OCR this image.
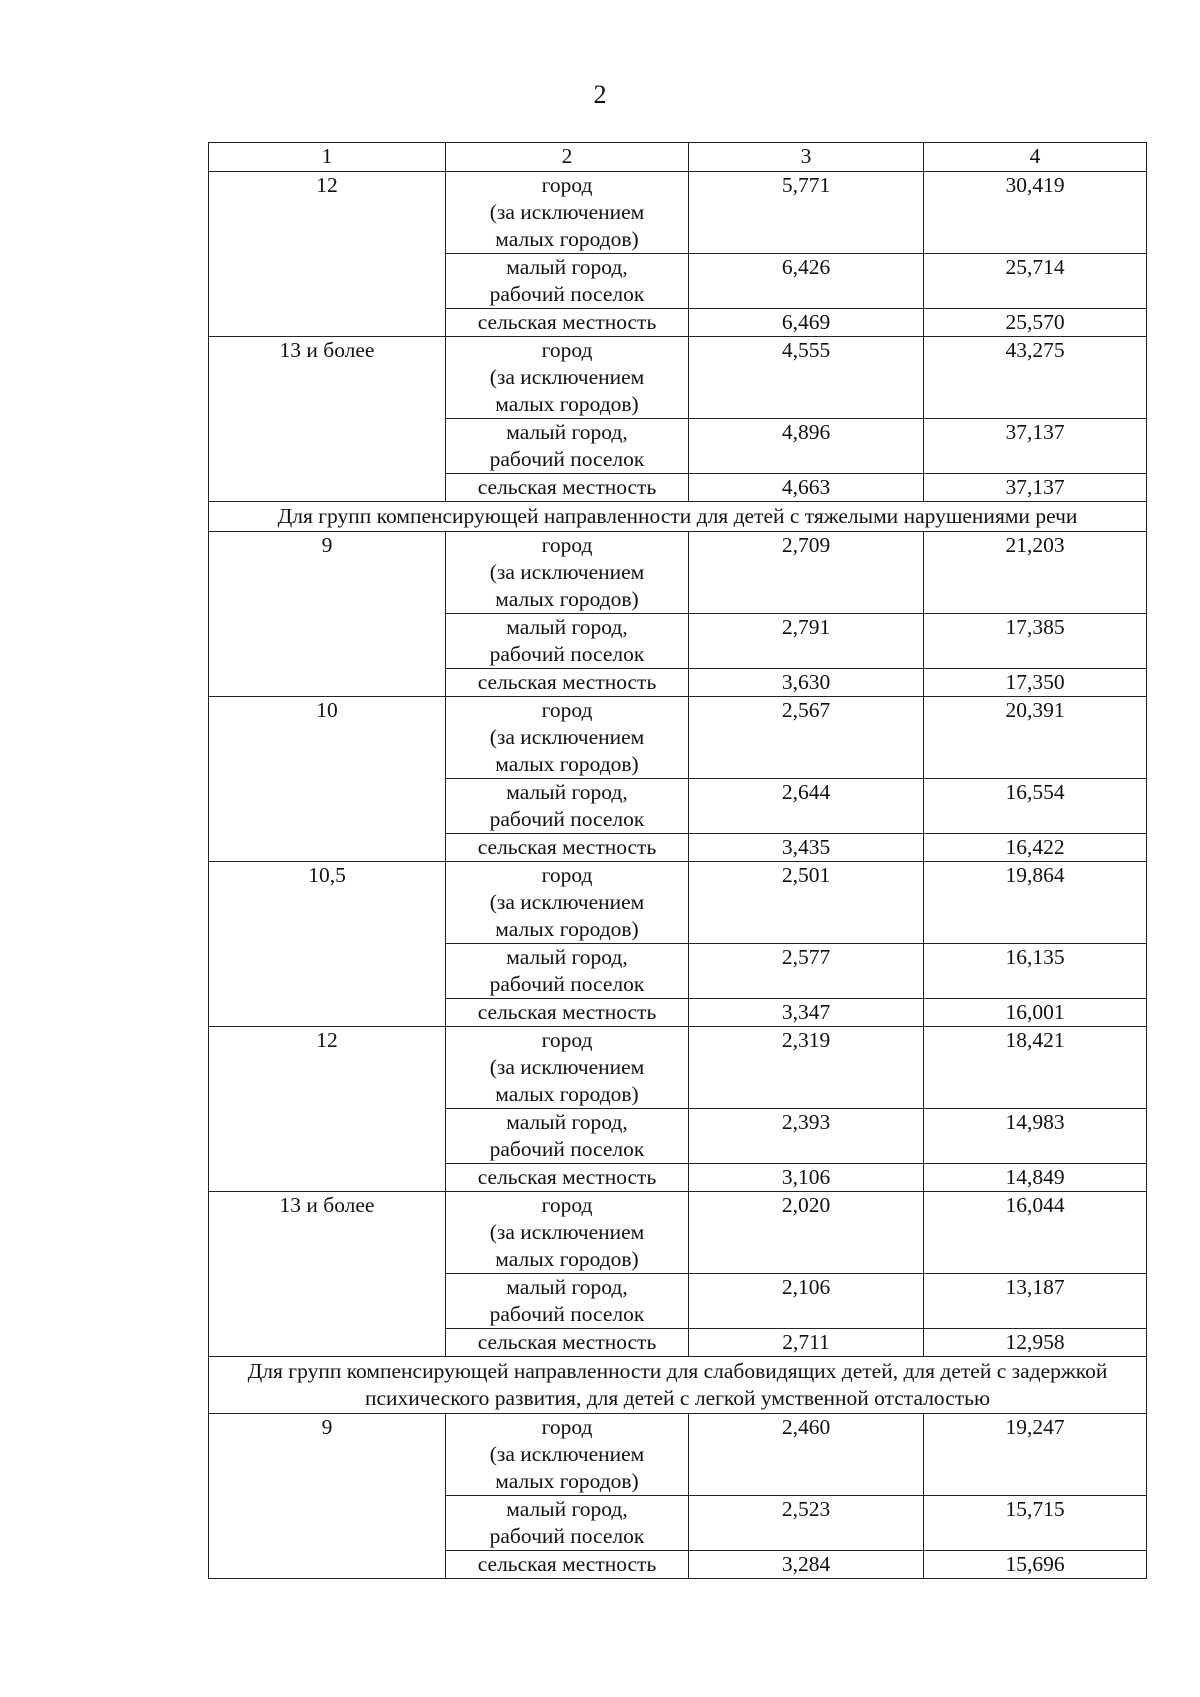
2
1	2	3	4
12	город
(за исключением
малых городов)	5,771	30,419
	малый город,
рабочий поселок	6,426	25,714
	сельская местность	6,469	25,570
13 и более	город
(за исключением
малых городов)	4,555	43,275
	малый город,
рабочий поселок	4,896	37,137
	сельская местность	4,663	37,137
Для групп компенсирующей направленности для детей с тяжелыми нарушениями речи			
9	город
(за исключением
малых городов)	2,709	21,203
	малый город,
рабочий поселок	2,791	17,385
	сельская местность	3,630	17,350
10	город
(за исключением
малых городов)	2,567	20,391
	малый город,
рабочий поселок	2,644	16,554
	сельская местность	3,435	16,422
10,5	город
(за исключением
малых городов)	2,501	19,864
	малый город,
рабочий поселок	2,577	16,135
	сельская местность	3,347	16,001
12	город
(за исключением
малых городов)	2,319	18,421
	малый город,
рабочий поселок	2,393	14,983
	сельская местность	3,106	14,849
13 и более	город
(за исключением
малых городов)	2,020	16,044
	малый город,
рабочий поселок	2,106	13,187
	сельская местность	2,711	12,958
Для групп компенсирующей направленности для слабовидящих детей, для детей с задержкой психического развития, для детей с легкой умственной отсталостью			
9	город
(за исключением
малых городов)	2,460	19,247
	малый город,
рабочий поселок	2,523	15,715
	сельская местность	3,284	15,696
